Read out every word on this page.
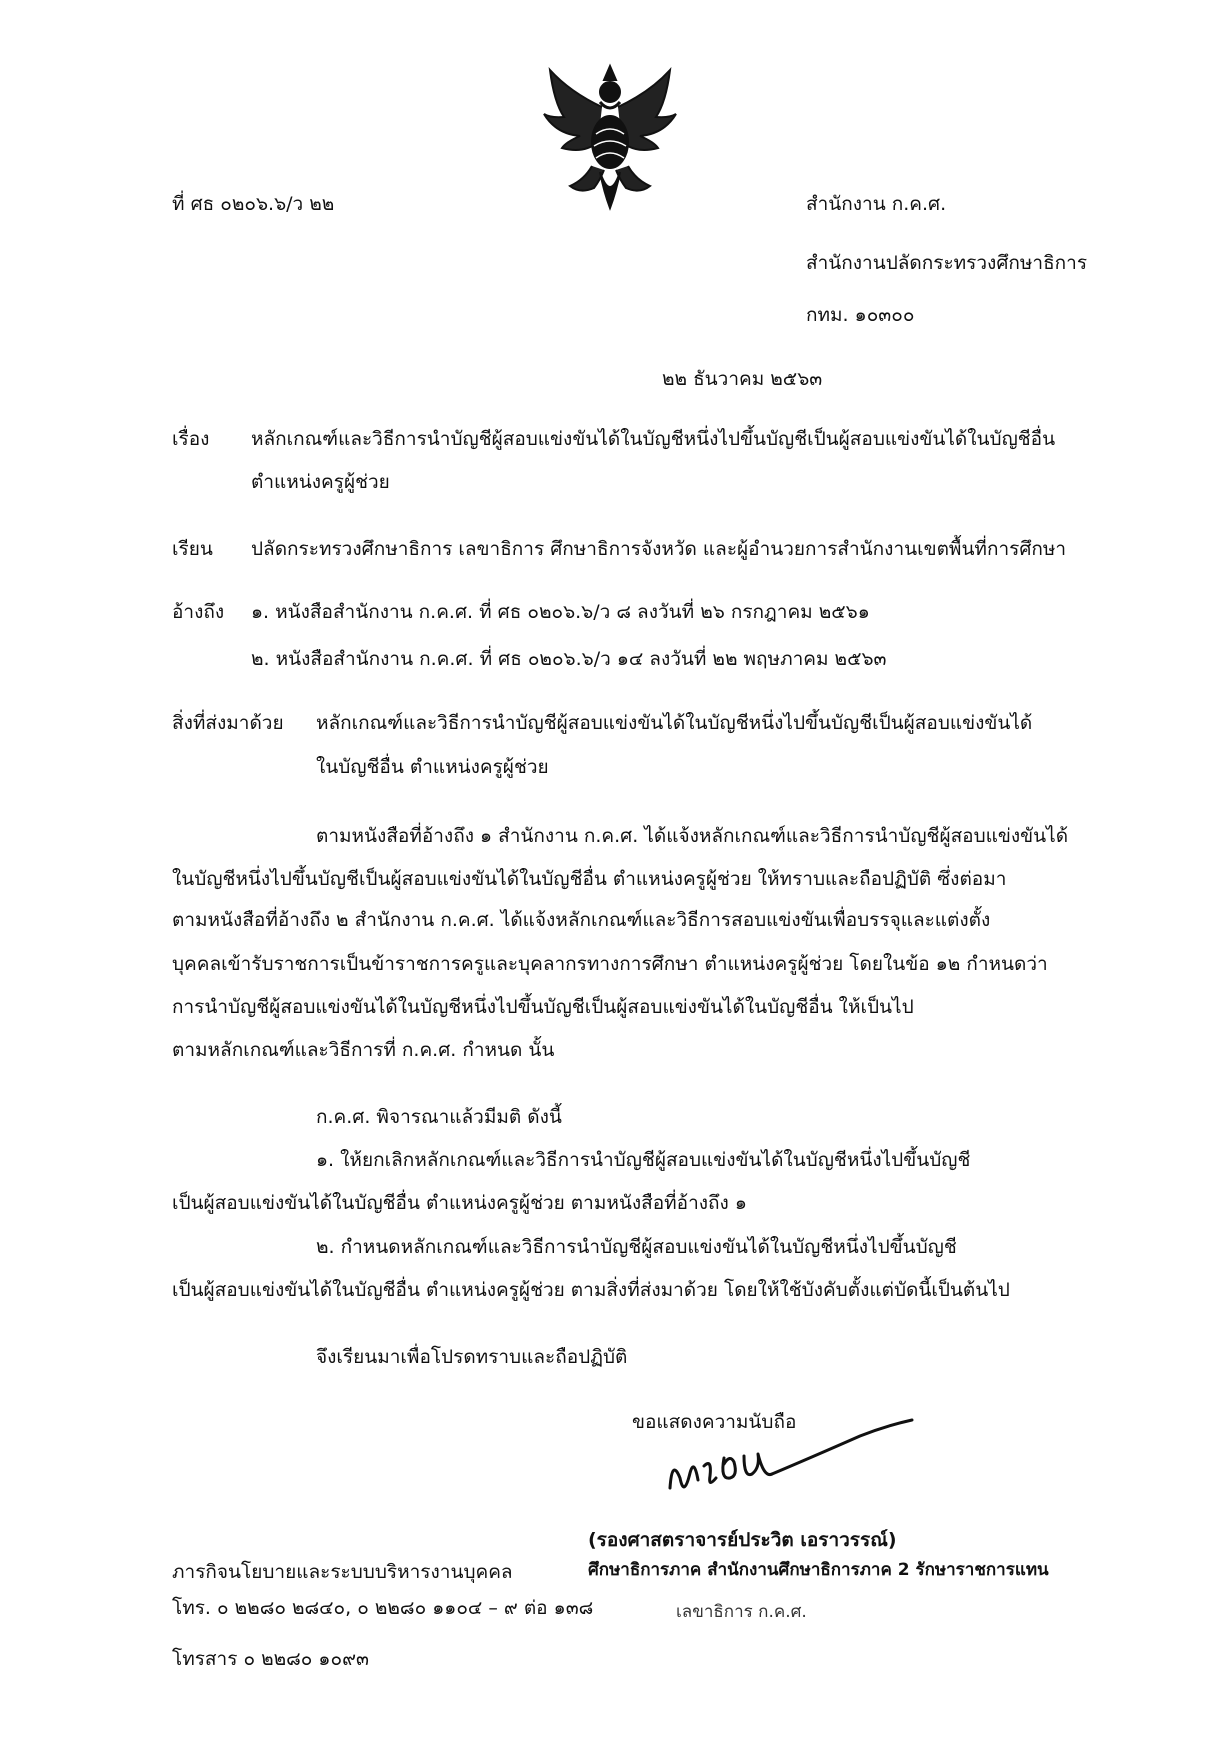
ที่ ศธ ๐๒๐๖.๖/ว ๒๒	สำนักงาน ก.ค.ศ.
สำนักงานปลัดกระทรวงศึกษาธิการ
กทม. ๑๐๓๐๐
๒๒ ธันวาคม ๒๕๖๓
เรื่อง หลักเกณฑ์และวิธีการนำบัญชีผู้สอบแข่งขันได้ในบัญชีหนึ่งไปขึ้นบัญชีเป็นผู้สอบแข่งขันได้ในบัญชีอื่น
ตำแหน่งครูผู้ช่วย
เรียน ปลัดกระทรวงศึกษาธิการ เลขาธิการ ศึกษาธิการจังหวัด และผู้อำนวยการสำนักงานเขตพื้นที่การศึกษา
อ้างถึง ๑. หนังสือสำนักงาน ก.ค.ศ. ที่ ศธ ๐๒๐๖.๖/ว ๘ ลงวันที่ ๒๖ กรกฎาคม ๒๕๖๑
๒. หนังสือสำนักงาน ก.ค.ศ. ที่ ศธ ๐๒๐๖.๖/ว ๑๔ ลงวันที่ ๒๒ พฤษภาคม ๒๕๖๓
สิ่งที่ส่งมาด้วย หลักเกณฑ์และวิธีการนำบัญชีผู้สอบแข่งขันได้ในบัญชีหนึ่งไปขึ้นบัญชีเป็นผู้สอบแข่งขันได้
ในบัญชีอื่น ตำแหน่งครูผู้ช่วย
ตามหนังสือที่อ้างถึง ๑ สำนักงาน ก.ค.ศ. ได้แจ้งหลักเกณฑ์และวิธีการนำบัญชีผู้สอบแข่งขันได้
ในบัญชีหนึ่งไปขึ้นบัญชีเป็นผู้สอบแข่งขันได้ในบัญชีอื่น ตำแหน่งครูผู้ช่วย ให้ทราบและถือปฏิบัติ ซึ่งต่อมา
ตามหนังสือที่อ้างถึง ๒ สำนักงาน ก.ค.ศ. ได้แจ้งหลักเกณฑ์และวิธีการสอบแข่งขันเพื่อบรรจุและแต่งตั้ง
บุคคลเข้ารับราชการเป็นข้าราชการครูและบุคลากรทางการศึกษา ตำแหน่งครูผู้ช่วย โดยในข้อ ๑๒ กำหนดว่า
การนำบัญชีผู้สอบแข่งขันได้ในบัญชีหนึ่งไปขึ้นบัญชีเป็นผู้สอบแข่งขันได้ในบัญชีอื่น ให้เป็นไป
ตามหลักเกณฑ์และวิธีการที่ ก.ค.ศ. กำหนด นั้น
ก.ค.ศ. พิจารณาแล้วมีมติ ดังนี้
๑. ให้ยกเลิกหลักเกณฑ์และวิธีการนำบัญชีผู้สอบแข่งขันได้ในบัญชีหนึ่งไปขึ้นบัญชี
เป็นผู้สอบแข่งขันได้ในบัญชีอื่น ตำแหน่งครูผู้ช่วย ตามหนังสือที่อ้างถึง ๑
๒. กำหนดหลักเกณฑ์และวิธีการนำบัญชีผู้สอบแข่งขันได้ในบัญชีหนึ่งไปขึ้นบัญชี
เป็นผู้สอบแข่งขันได้ในบัญชีอื่น ตำแหน่งครูผู้ช่วย ตามสิ่งที่ส่งมาด้วย โดยให้ใช้บังคับตั้งแต่บัดนี้เป็นต้นไป
จึงเรียนมาเพื่อโปรดทราบและถือปฏิบัติ
ขอแสดงความนับถือ
(รองศาสตราจารย์ประวิต เอราวรรณ์)
ศึกษาธิการภาค สำนักงานศึกษาธิการภาค 2 รักษาราชการแทน
เลขาธิการ ก.ค.ศ.
ภารกิจนโยบายและระบบบริหารงานบุคคล
โทร. ๐ ๒๒๘๐ ๒๘๔๐, ๐ ๒๒๘๐ ๑๑๐๔ – ๙ ต่อ ๑๓๘
โทรสาร ๐ ๒๒๘๐ ๑๐๙๓
